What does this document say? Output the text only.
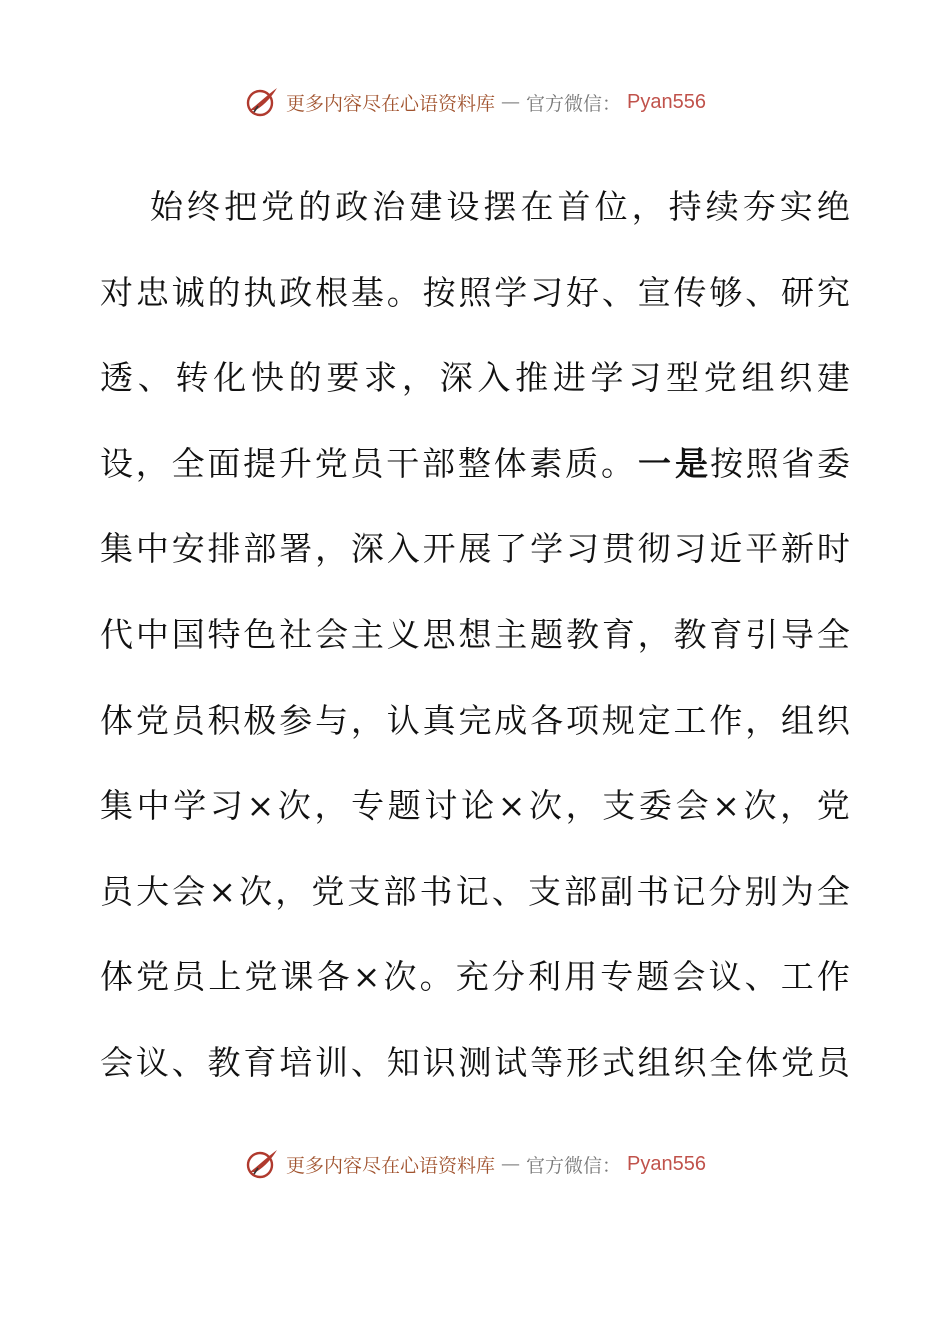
更多内容尽在心语资料库 — 官方微信： Pyan556
始 终 把 党 的 政 治 建 设 摆 在 首 位 ， 持 续 夯 实 绝
对 忠 诚 的 执 政 根 基 。 按 照 学 习 好 、 宣 传 够 、 研 究
透 、 转 化 快 的 要 求 ， 深 入 推 进 学 习 型 党 组 织 建
设 ， 全 面 提 升 党 员 干 部 整 体 素 质 。 一 是 按 照 省 委
集 中 安 排 部 署 ， 深 入 开 展 了 学 习 贯 彻 习 近 平 新 时
代 中 国 特 色 社 会 主 义 思 想 主 题 教 育 ， 教 育 引 导 全
体 党 员 积 极 参 与 ， 认 真 完 成 各 项 规 定 工 作 ， 组 织
集 中 学 习 × 次 ， 专 题 讨 论 × 次 ， 支 委 会 × 次 ， 党
员 大 会 × 次 ， 党 支 部 书 记 、 支 部 副 书 记 分 别 为 全
体 党 员 上 党 课 各 × 次 。 充 分 利 用 专 题 会 议 、 工 作
会 议 、 教 育 培 训 、 知 识 测 试 等 形 式 组 织 全 体 党 员
更多内容尽在心语资料库 — 官方微信： Pyan556
